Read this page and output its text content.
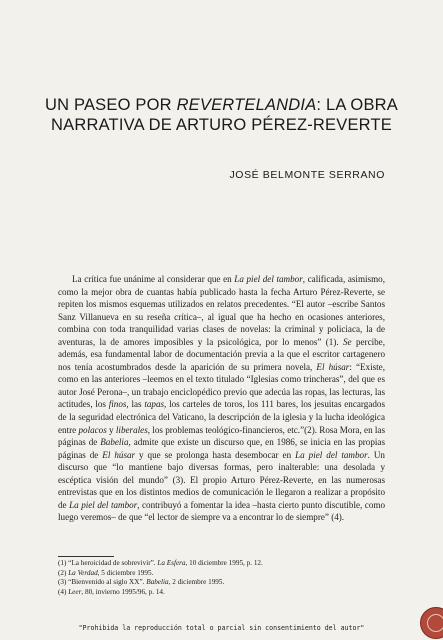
UN PASEO POR REVERTELANDIA: LA OBRA
NARRATIVA DE ARTURO PÉREZ-REVERTE
JOSÉ BELMONTE SERRANO

La crítica fue unánime al considerar que en La piel del tambor, calificada, asimismo, como la mejor obra de cuantas había publicado hasta la fecha Arturo Pérez-Reverte, se repiten los mismos esquemas utilizados en relatos precedentes. “El autor –escribe Santos Sanz Villanueva en su reseña crítica–, al igual que ha hecho en ocasiones anteriores, combina con toda tranquilidad varias clases de novelas: la criminal y policiaca, la de aventuras, la de amores imposibles y la psicológica, por lo menos” (1). Se percibe, además, esa fundamental labor de documentación previa a la que el escritor cartagenero nos tenía acostumbrados desde la aparición de su primera novela, El húsar: “Existe, como en las anteriores –leemos en el texto titulado “Iglesias como trincheras”, del que es autor José Perona–, un trabajo enciclopédico previo que adecúa las ropas, las lecturas, las actitudes, los finos, las tapas, los carteles de toros, los 111 bares, los jesuitas encargados de la seguridad electrónica del Vaticano, la descripción de la iglesia y la lucha ideológica entre polacos y liberales, los problemas teológico-financieros, etc.”(2). Rosa Mora, en las páginas de Babelia, admite que existe un discurso que, en 1986, se inicia en las propias páginas de El húsar y que se prolonga hasta desembocar en La piel del tambor. Un discurso que “lo mantiene bajo diversas formas, pero inalterable: una desolada y escéptica visión del mundo” (3). El propio Arturo Pérez-Reverte, en las numerosas entrevistas que en los distintos medios de comunicación le llegaron a realizar a propósito de La piel del tambor, contribuyó a fomentar la idea –hasta cierto punto discutible, como luego veremos– de que “el lector de siempre va a encontrar lo de siempre” (4).

(1) “La heroicidad de sobrevivir”. La Esfera, 10 diciembre 1995, p. 12.
(2) La Verdad, 5 diciembre 1995.
(3) “Bienvenido al siglo XX”. Babelia, 2 diciembre 1995.
(4) Leer, 80, invierno 1995/96, p. 14.
"Prohibida la reproducción total o parcial sin consentimiento del autor"
